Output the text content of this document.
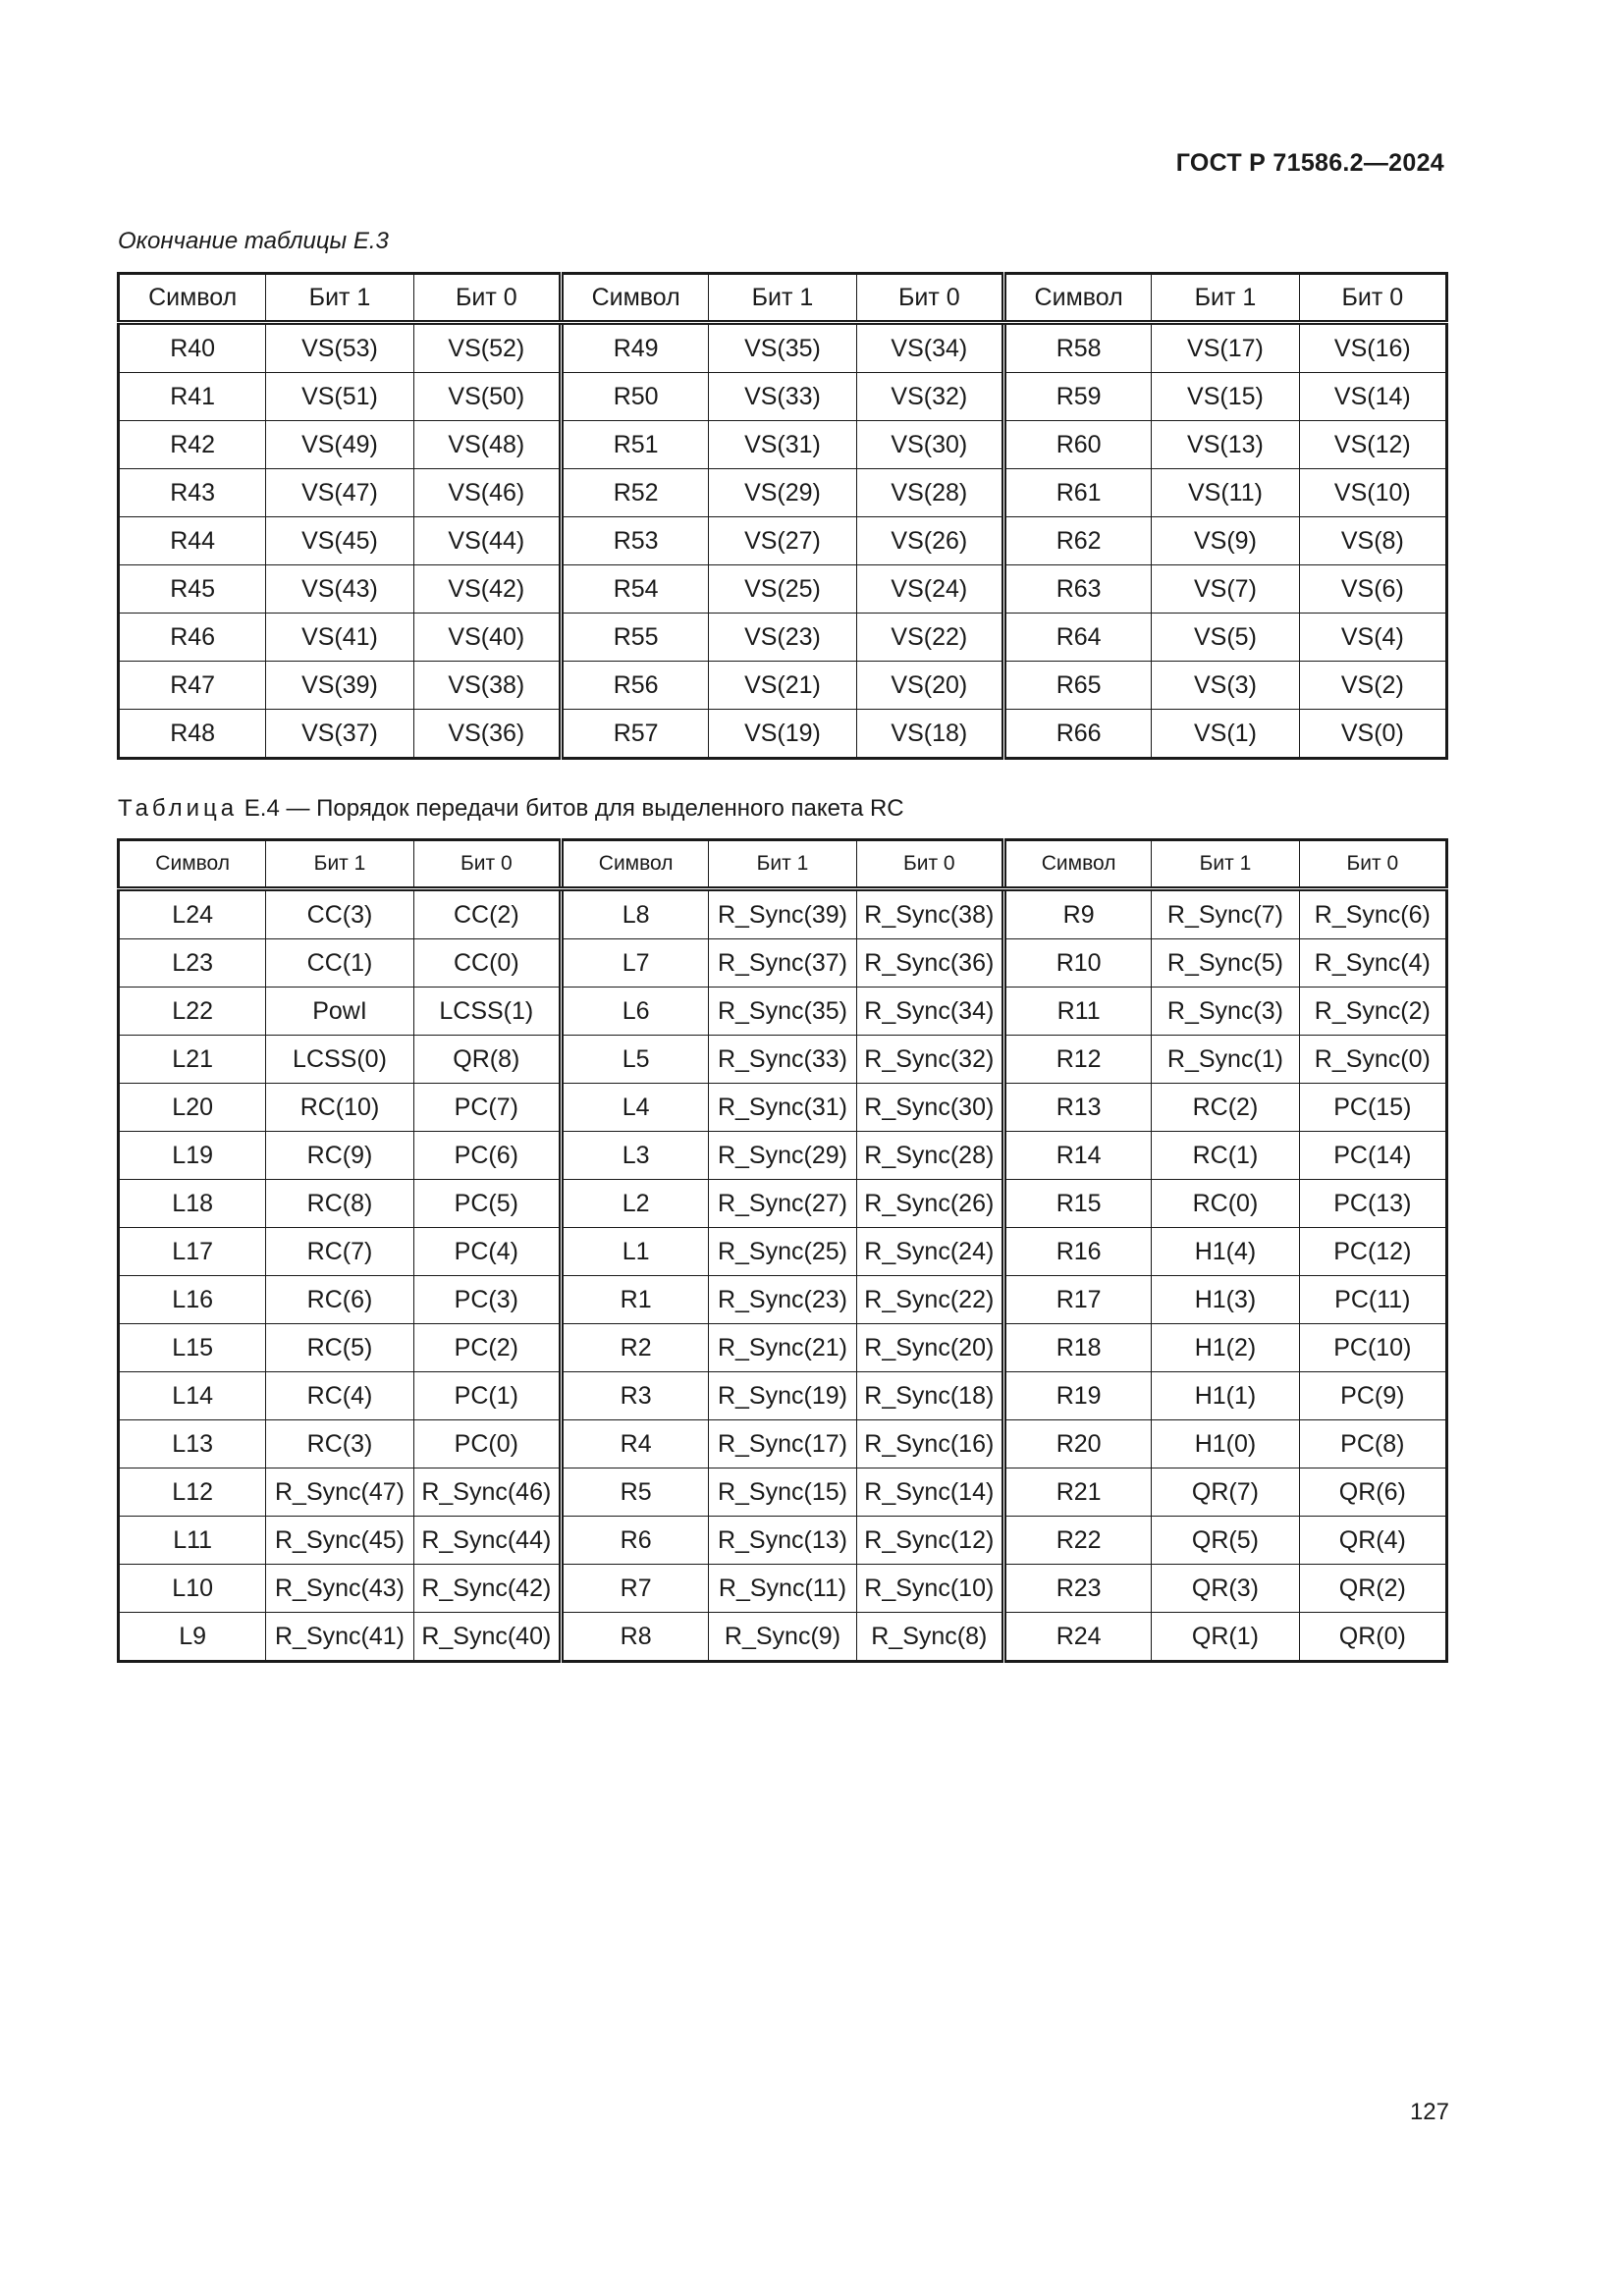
ГОСТ Р 71586.2—2024
Окончание таблицы Е.3
Символ	Бит 1	Бит 0	Символ	Бит 1	Бит 0	Символ	Бит 1	Бит 0
R40	VS(53)	VS(52)	R49	VS(35)	VS(34)	R58	VS(17)	VS(16)
R41	VS(51)	VS(50)	R50	VS(33)	VS(32)	R59	VS(15)	VS(14)
R42	VS(49)	VS(48)	R51	VS(31)	VS(30)	R60	VS(13)	VS(12)
R43	VS(47)	VS(46)	R52	VS(29)	VS(28)	R61	VS(11)	VS(10)
R44	VS(45)	VS(44)	R53	VS(27)	VS(26)	R62	VS(9)	VS(8)
R45	VS(43)	VS(42)	R54	VS(25)	VS(24)	R63	VS(7)	VS(6)
R46	VS(41)	VS(40)	R55	VS(23)	VS(22)	R64	VS(5)	VS(4)
R47	VS(39)	VS(38)	R56	VS(21)	VS(20)	R65	VS(3)	VS(2)
R48	VS(37)	VS(36)	R57	VS(19)	VS(18)	R66	VS(1)	VS(0)
Таблица Е.4 — Порядок передачи битов для выделенного пакета RC
Символ	Бит 1	Бит 0	Символ	Бит 1	Бит 0	Символ	Бит 1	Бит 0
L24	CC(3)	CC(2)	L8	R_Sync(39)	R_Sync(38)	R9	R_Sync(7)	R_Sync(6)
L23	CC(1)	CC(0)	L7	R_Sync(37)	R_Sync(36)	R10	R_Sync(5)	R_Sync(4)
L22	PowI	LCSS(1)	L6	R_Sync(35)	R_Sync(34)	R11	R_Sync(3)	R_Sync(2)
L21	LCSS(0)	QR(8)	L5	R_Sync(33)	R_Sync(32)	R12	R_Sync(1)	R_Sync(0)
L20	RC(10)	PC(7)	L4	R_Sync(31)	R_Sync(30)	R13	RC(2)	PC(15)
L19	RC(9)	PC(6)	L3	R_Sync(29)	R_Sync(28)	R14	RC(1)	PC(14)
L18	RC(8)	PC(5)	L2	R_Sync(27)	R_Sync(26)	R15	RC(0)	PC(13)
L17	RC(7)	PC(4)	L1	R_Sync(25)	R_Sync(24)	R16	H1(4)	PC(12)
L16	RC(6)	PC(3)	R1	R_Sync(23)	R_Sync(22)	R17	H1(3)	PC(11)
L15	RC(5)	PC(2)	R2	R_Sync(21)	R_Sync(20)	R18	H1(2)	PC(10)
L14	RC(4)	PC(1)	R3	R_Sync(19)	R_Sync(18)	R19	H1(1)	PC(9)
L13	RC(3)	PC(0)	R4	R_Sync(17)	R_Sync(16)	R20	H1(0)	PC(8)
L12	R_Sync(47)	R_Sync(46)	R5	R_Sync(15)	R_Sync(14)	R21	QR(7)	QR(6)
L11	R_Sync(45)	R_Sync(44)	R6	R_Sync(13)	R_Sync(12)	R22	QR(5)	QR(4)
L10	R_Sync(43)	R_Sync(42)	R7	R_Sync(11)	R_Sync(10)	R23	QR(3)	QR(2)
L9	R_Sync(41)	R_Sync(40)	R8	R_Sync(9)	R_Sync(8)	R24	QR(1)	QR(0)
127
